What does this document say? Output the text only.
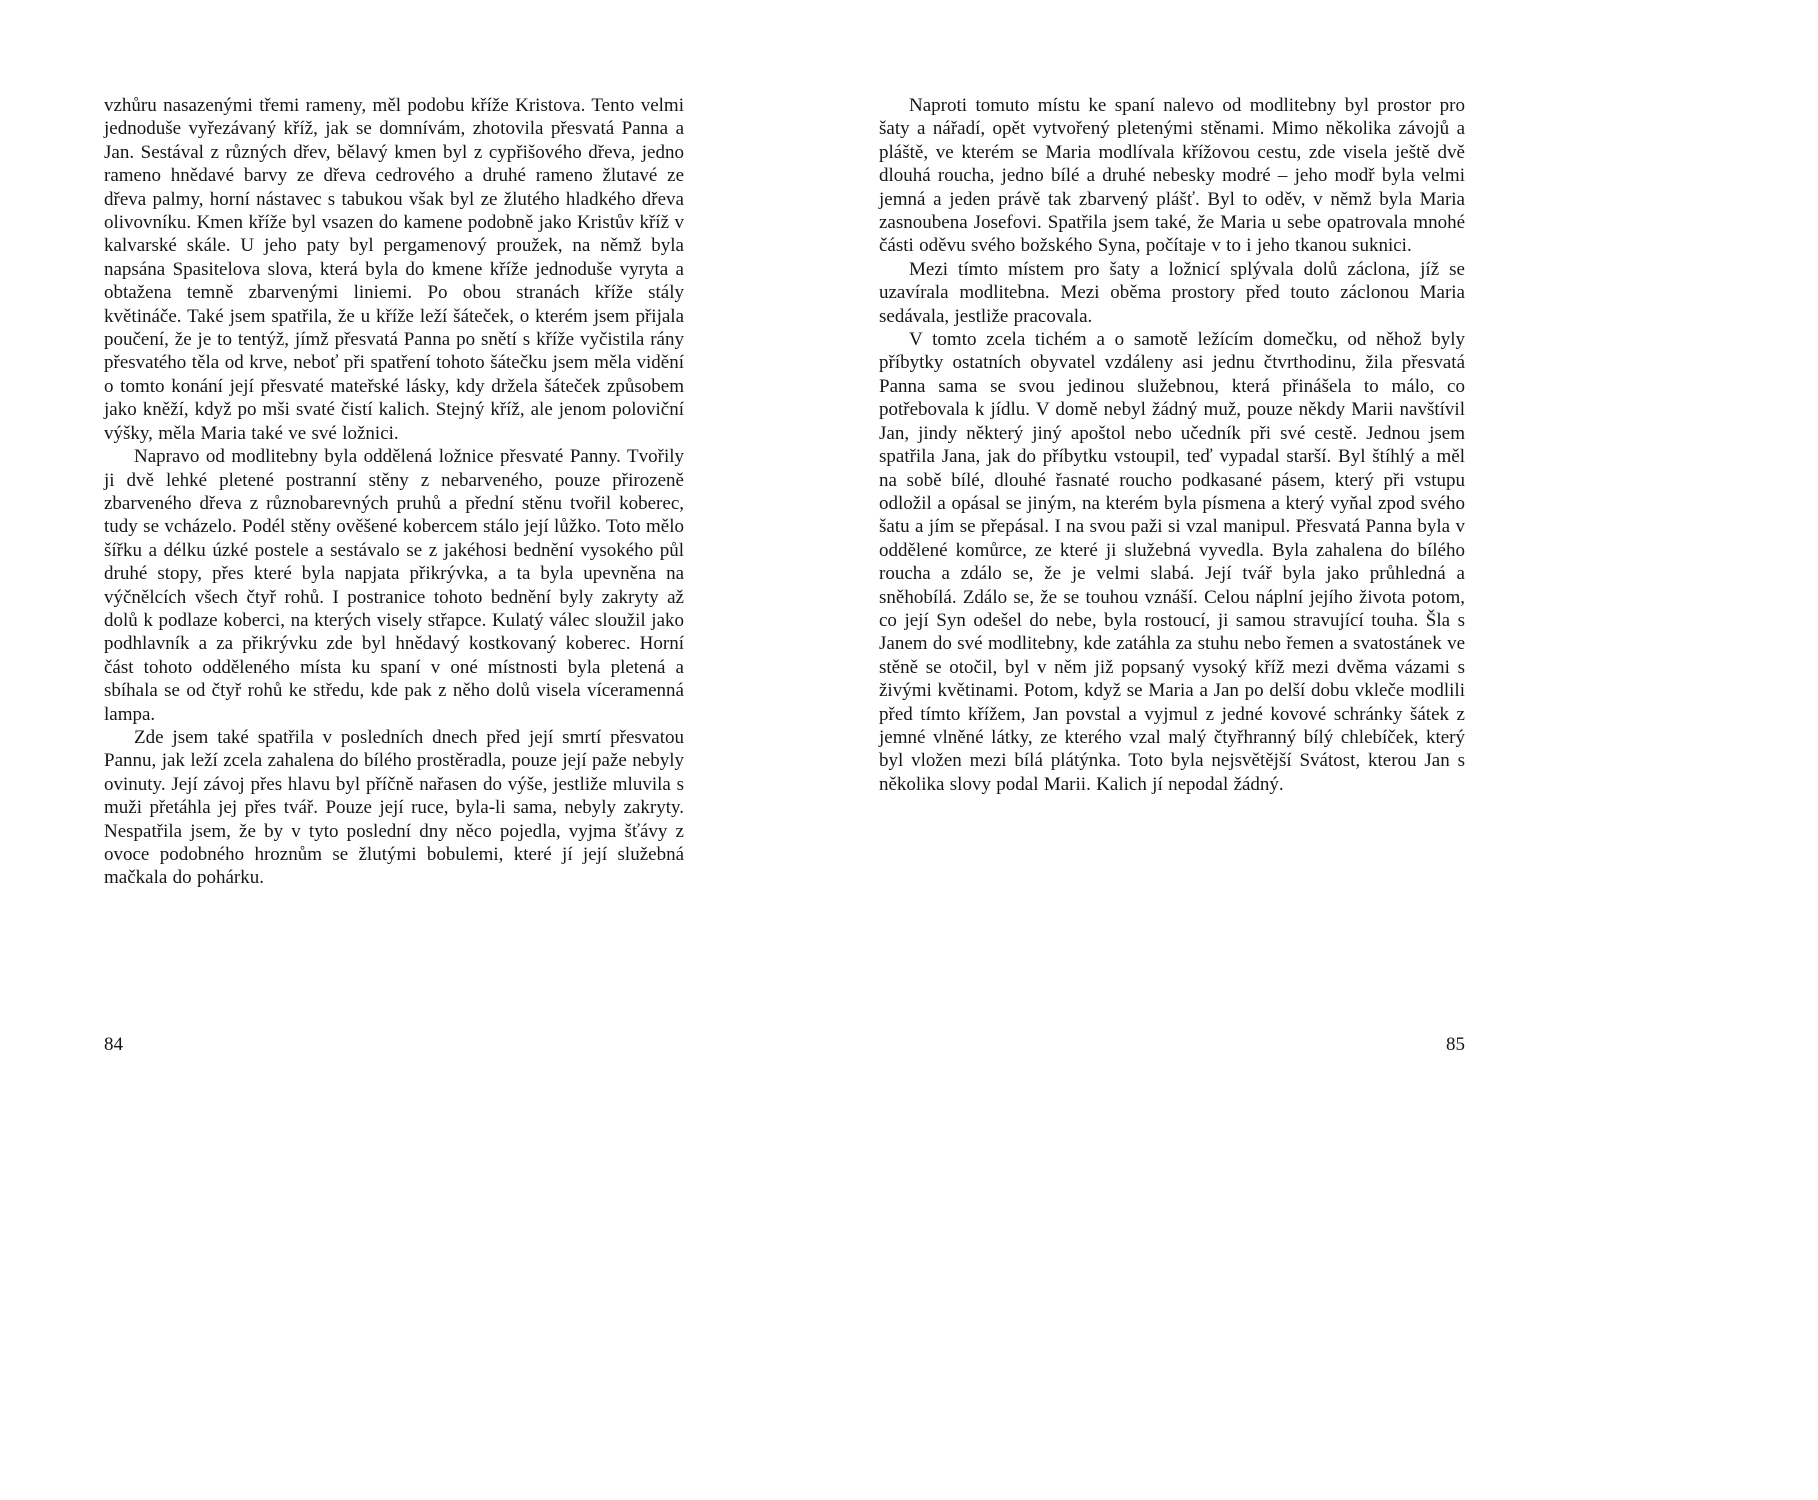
vzhůru nasazenými třemi rameny, měl podobu kříže Kristova. Tento velmi jednoduše vyřezávaný kříž, jak se domnívám, zhotovila přesvatá Panna a Jan. Sestával z různých dřev, bělavý kmen byl z cypřišového dřeva, jedno rameno hnědavé barvy ze dřeva cedrového a druhé rameno žlutavé ze dřeva palmy, horní nástavec s tabukou však byl ze žlutého hladkého dřeva olivovníku. Kmen kříže byl vsazen do kamene podobně jako Kristův kříž v kalvarské skále. U jeho paty byl pergamenový proužek, na němž byla napsána Spasitelova slova, která byla do kmene kříže jednoduše vyryta a obtažena temně zbarvenými liniemi. Po obou stranách kříže stály květináče. Také jsem spatřila, že u kříže leží šáteček, o kterém jsem přijala poučení, že je to tentýž, jímž přesvatá Panna po snětí s kříže vyčistila rány přesvatého těla od krve, neboť při spatření tohoto šátečku jsem měla vidění o tomto konání její přesvaté mateřské lásky, kdy držela šáteček způsobem jako kněží, když po mši svaté čistí kalich. Stejný kříž, ale jenom poloviční výšky, měla Maria také ve své ložnici.

Napravo od modlitebny byla oddělená ložnice přesvaté Panny. Tvořily ji dvě lehké pletené postranní stěny z nebarveného, pouze přirozeně zbarveného dřeva z různobarevných pruhů a přední stěnu tvořil koberec, tudy se vcházelo. Podél stěny ověšené kobercem stálo její lůžko. Toto mělo šířku a délku úzké postele a sestávalo se z jakéhosi bednění vysokého půl druhé stopy, přes které byla napjata přikrývka, a ta byla upevněna na výčnělcích všech čtyř rohů. I postranice tohoto bednění byly zakryty až dolů k podlaze koberci, na kterých visely střapce. Kulatý válec sloužil jako podhlavník a za přikrývku zde byl hnědavý kostkovaný koberec. Horní část tohoto odděleného místa ku spaní v oné místnosti byla pletená a sbíhala se od čtyř rohů ke středu, kde pak z něho dolů visela víceramenná lampa.

Zde jsem také spatřila v posledních dnech před její smrtí přesvatou Pannu, jak leží zcela zahalena do bílého prostěradla, pouze její paže nebyly ovinuty. Její závoj přes hlavu byl příčně nařasen do výše, jestliže mluvila s muži přetáhla jej přes tvář. Pouze její ruce, byla-li sama, nebyly zakryty. Nespatřila jsem, že by v tyto poslední dny něco pojedla, vyjma šťávy z ovoce podobného hroznům se žlutými bobulemi, které jí její služebná mačkala do pohárku.

84

Naproti tomuto místu ke spaní nalevo od modlitebny byl prostor pro šaty a nářadí, opět vytvořený pletenými stěnami. Mimo několika závojů a pláště, ve kterém se Maria modlívala křížovou cestu, zde visela ještě dvě dlouhá roucha, jedno bílé a druhé nebesky modré – jeho modř byla velmi jemná a jeden právě tak zbarvený plášť. Byl to oděv, v němž byla Maria zasnoubena Josefovi. Spatřila jsem také, že Maria u sebe opatrovala mnohé části oděvu svého božského Syna, počítaje v to i jeho tkanou suknici.

Mezi tímto místem pro šaty a ložnicí splývala dolů záclona, jíž se uzavírala modlitebna. Mezi oběma prostory před touto záclonou Maria sedávala, jestliže pracovala.

V tomto zcela tichém a o samotě ležícím domečku, od něhož byly příbytky ostatních obyvatel vzdáleny asi jednu čtvrthodinu, žila přesvatá Panna sama se svou jedinou služebnou, která přinášela to málo, co potřebovala k jídlu. V domě nebyl žádný muž, pouze někdy Marii navštívil Jan, jindy některý jiný apoštol nebo učedník při své cestě. Jednou jsem spatřila Jana, jak do příbytku vstoupil, teď vypadal starší. Byl štíhlý a měl na sobě bílé, dlouhé řasnaté roucho podkasané pásem, který při vstupu odložil a opásal se jiným, na kterém byla písmena a který vyňal zpod svého šatu a jím se přepásal. I na svou paži si vzal manipul. Přesvatá Panna byla v oddělené komůrce, ze které ji služebná vyvedla. Byla zahalena do bílého roucha a zdálo se, že je velmi slabá. Její tvář byla jako průhledná a sněhobílá. Zdálo se, že se touhou vznáší. Celou náplní jejího života potom, co její Syn odešel do nebe, byla rostoucí, ji samou stravující touha. Šla s Janem do své modlitebny, kde zatáhla za stuhu nebo řemen a svatostánek ve stěně se otočil, byl v něm již popsaný vysoký kříž mezi dvěma vázami s živými květinami. Potom, když se Maria a Jan po delší dobu vkleče modlili před tímto křížem, Jan povstal a vyjmul z jedné kovové schránky šátek z jemné vlněné látky, ze kterého vzal malý čtyřhranný bílý chlebíček, který byl vložen mezi bílá plátýnka. Toto byla nejsvětější Svátost, kterou Jan s několika slovy podal Marii. Kalich jí nepodal žádný.

85
